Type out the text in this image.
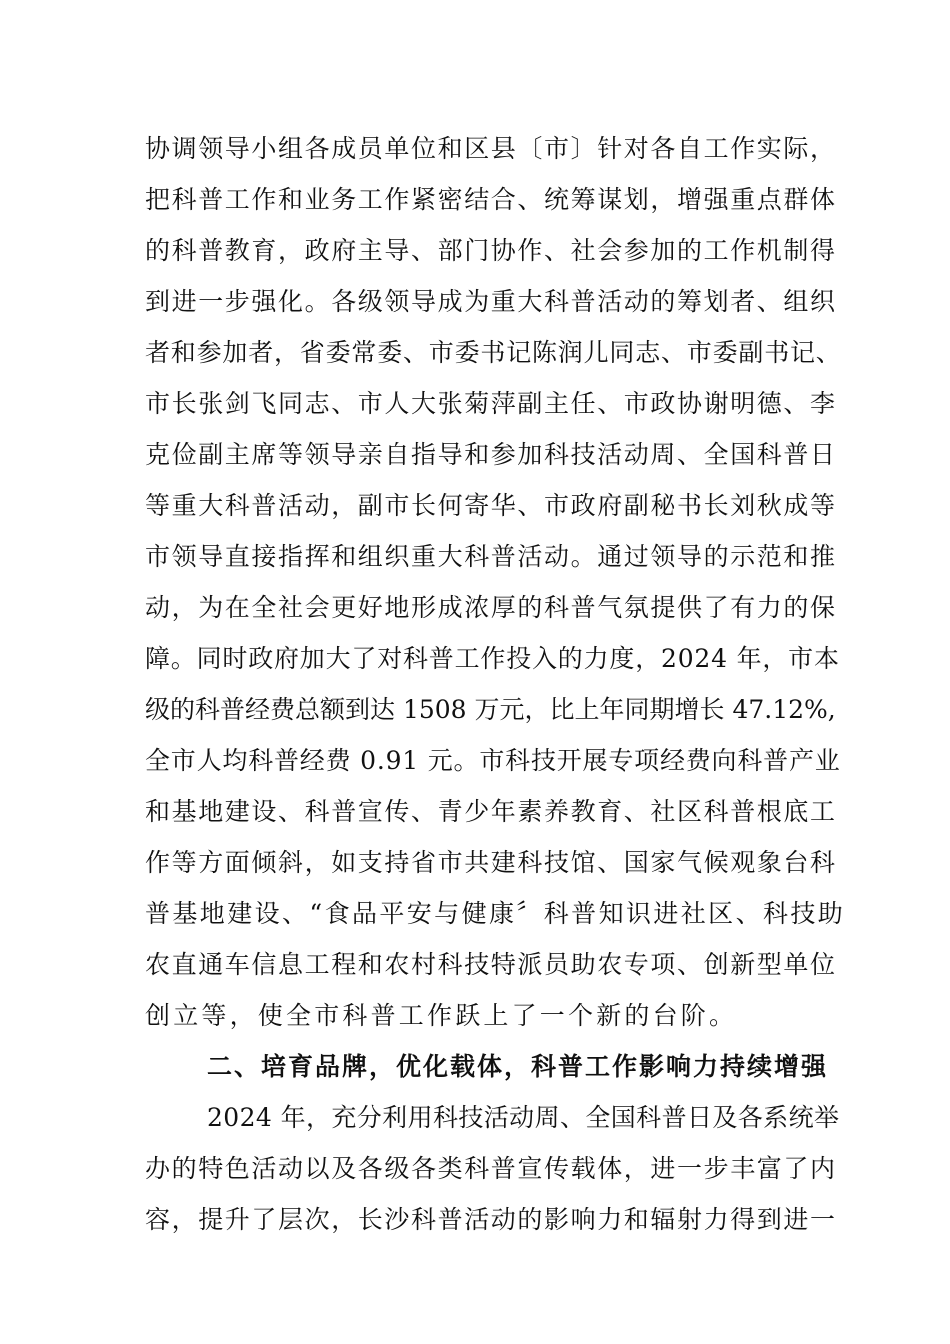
协调领导小组各成员单位和区县〔市〕针对各自工作实际，
把科普工作和业务工作紧密结合、统筹谋划，增强重点群体
的科普教育，政府主导、部门协作、社会参加的工作机制得
到进一步强化。各级领导成为重大科普活动的筹划者、组织
者和参加者，省委常委、市委书记陈润儿同志、市委副书记、
市长张剑飞同志、市人大张菊萍副主任、市政协谢明德、李
克俭副主席等领导亲自指导和参加科技活动周、全国科普日
等重大科普活动，副市长何寄华、市政府副秘书长刘秋成等
市领导直接指挥和组织重大科普活动。通过领导的示范和推
动，为在全社会更好地形成浓厚的科普气氛提供了有力的保
障。同时政府加大了对科普工作投入的力度，2024 年，市本
级的科普经费总额到达 1508 万元，比上年同期增长 47.12%,
全市人均科普经费 0.91 元。市科技开展专项经费向科普产业
和基地建设、科普宣传、青少年素养教育、社区科普根底工
作等方面倾斜，如支持省市共建科技馆、国家气候观象台科
普基地建设、“食品平安与健康〞科普知识进社区、科技助
农直通车信息工程和农村科技特派员助农专项、创新型单位
创立等，使全市科普工作跃上了一个新的台阶。
二、培育品牌，优化载体，科普工作影响力持续增强
2024 年，充分利用科技活动周、全国科普日及各系统举
办的特色活动以及各级各类科普宣传载体，进一步丰富了内
容，提升了层次，长沙科普活动的影响力和辐射力得到进一
